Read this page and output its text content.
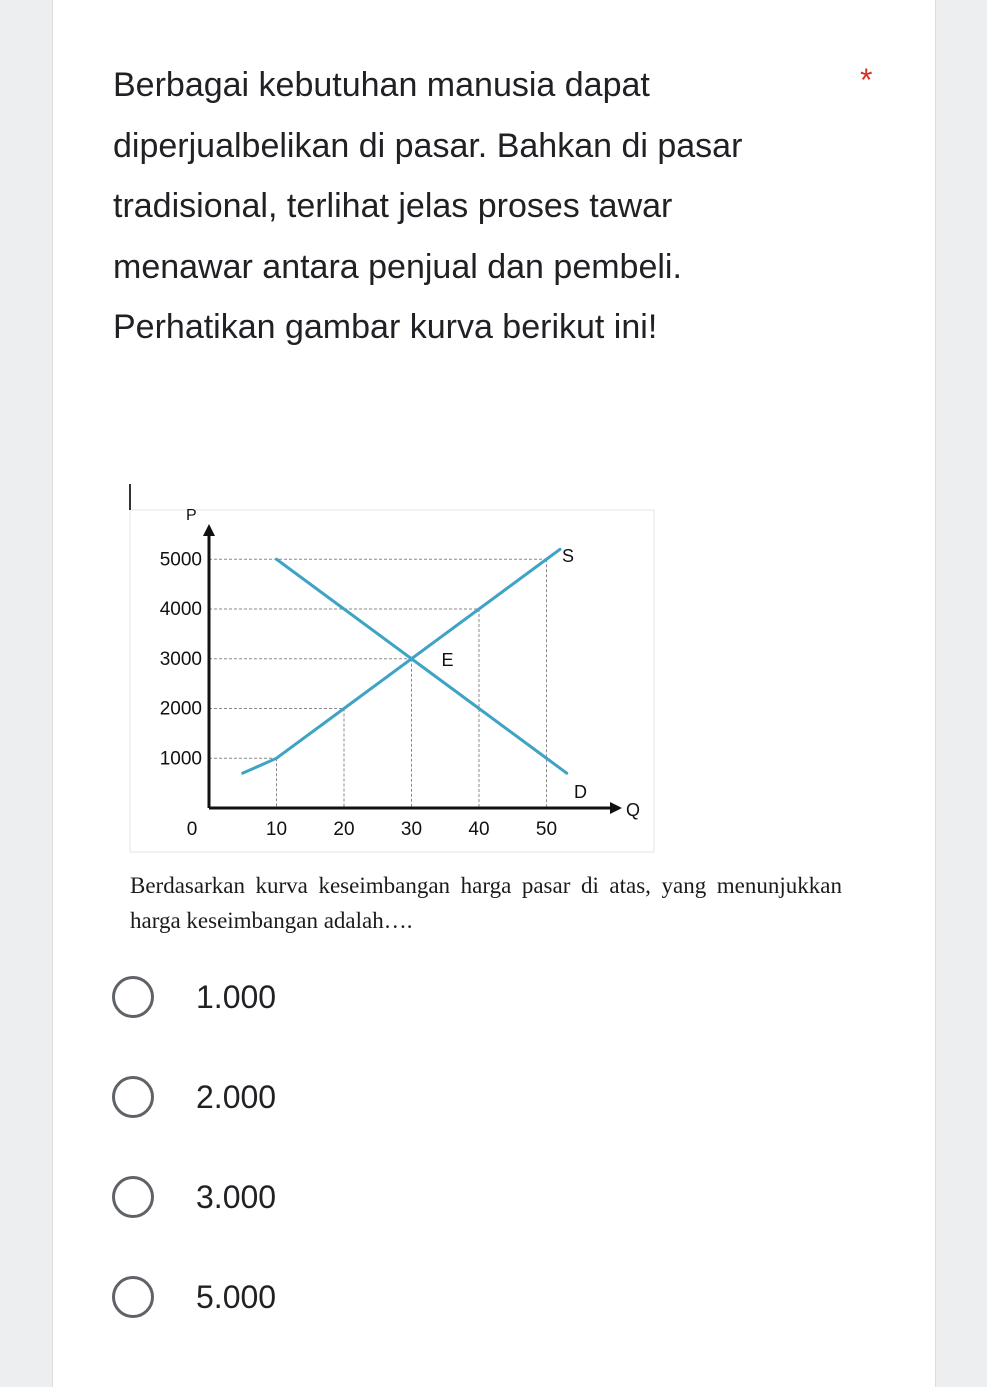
Berbagai kebutuhan manusia dapat diperjualbelikan di pasar. Bahkan di pasar tradisional, terlihat jelas proses tawar menawar antara penjual dan pembeli. Perhatikan gambar kurva berikut ini!

*
P
Q
1000
2000
3000
4000
5000
0	10 20 30 40 50
S
D
E

Berdasarkan kurva keseimbangan harga pasar di atas, yang menunjukkan harga keseimbangan adalah….

1.000
2.000
3.000
5.000
